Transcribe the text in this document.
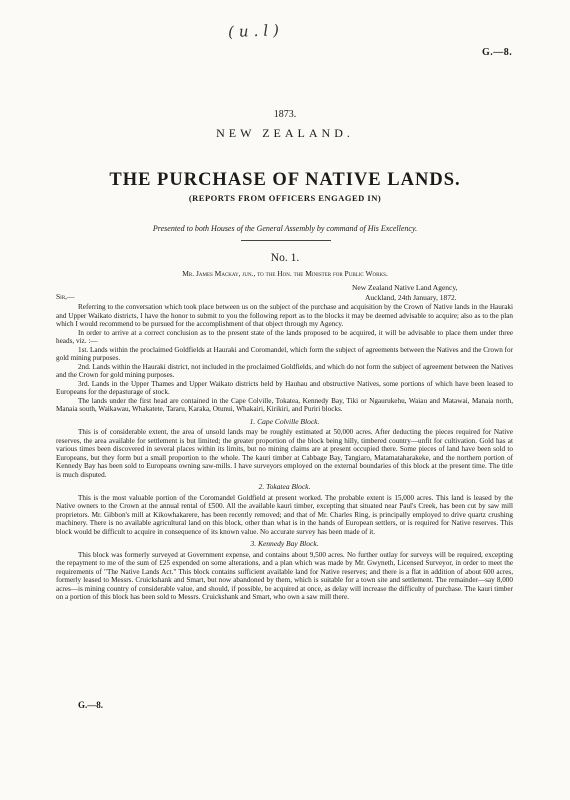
(u.l)
G.—8.
1873.
NEW ZEALAND.
THE PURCHASE OF NATIVE LANDS.
(REPORTS FROM OFFICERS ENGAGED IN)
Presented to both Houses of the General Assembly by command of His Excellency.
No. 1.
Mr. James Mackay, jun., to the Hon. the Minister for Public Works.
New Zealand Native Land Agency,
Auckland, 24th January, 1872.
Sir,—

Referring to the conversation which took place between us on the subject of the purchase and acquisition by the Crown of Native lands in the Hauraki and Upper Waikato districts, I have the honor to submit to you the following report as to the blocks it may be deemed advisable to acquire; also as to the plan which I would recommend to be pursued for the accomplishment of that object through my Agency.

In order to arrive at a correct conclusion as to the present state of the lands proposed to be acquired, it will be advisable to place them under three heads, viz. :—

1st. Lands within the proclaimed Goldfields at Hauraki and Coromandel, which form the subject of agreements between the Natives and the Crown for gold mining purposes.

2nd. Lands within the Hauraki district, not included in the proclaimed Goldfields, and which do not form the subject of agreement between the Natives and the Crown for gold mining purposes.

3rd. Lands in the Upper Thames and Upper Waikato districts held by Hauhau and obstructive Natives, some portions of which have been leased to Europeans for the depasturage of stock.

The lands under the first head are contained in the Cape Colville, Tokatea, Kennedy Bay, Tiki or Ngaurukehu, Waiau and Matawai, Manaia north, Manaia south, Waikawau, Whakatete, Tararu, Karaka, Otunui, Whakairi, Kirikiri, and Puriri blocks.

1. Cape Colville Block.

This is of considerable extent, the area of unsold lands may be roughly estimated at 50,000 acres. After deducting the pieces required for Native reserves, the area available for settlement is but limited; the greater proportion of the block being hilly, timbered country—unfit for cultivation. Gold has at various times been discovered in several places within its limits, but no mining claims are at present occupied there. Some pieces of land have been sold to Europeans, but they form but a small proportion to the whole. The kauri timber at Cabbage Bay, Tangiaro, Matamataharakeke, and the northern portion of Kennedy Bay has been sold to Europeans owning saw-mills. I have surveyors employed on the external boundaries of this block at the present time. The title is much disputed.

2. Tokatea Block.

This is the most valuable portion of the Coromandel Goldfield at present worked. The probable extent is 15,000 acres. This land is leased by the Native owners to the Crown at the annual rental of £500. All the available kauri timber, excepting that situated near Paul's Creek, has been cut by saw mill proprietors. Mr. Gibbon's mill at Kikowhakarere, has been recently removed; and that of Mr. Charles Ring, is principally employed to drive quartz crushing machinery. There is no available agricultural land on this block, other than what is in the hands of European settlers, or is required for Native reserves. This block would be difficult to acquire in consequence of its known value. No accurate survey has been made of it.

3. Kennedy Bay Block.

This block was formerly surveyed at Government expense, and contains about 9,500 acres. No further outlay for surveys will be required, excepting the repayment to me of the sum of £25 expended on some alterations, and a plan which was made by Mr. Gwyneth, Licensed Surveyor, in order to meet the requirements of "The Native Lands Act." This block contains sufficient available land for Native reserves; and there is a flat in addition of about 600 acres, formerly leased to Messrs. Cruickshank and Smart, but now abandoned by them, which is suitable for a town site and settlement. The remainder—say 8,000 acres—is mining country of considerable value, and should, if possible, be acquired at once, as delay will increase the difficulty of purchase. The kauri timber on a portion of this block has been sold to Messrs. Cruickshank and Smart, who own a saw mill there.

G.—8.
